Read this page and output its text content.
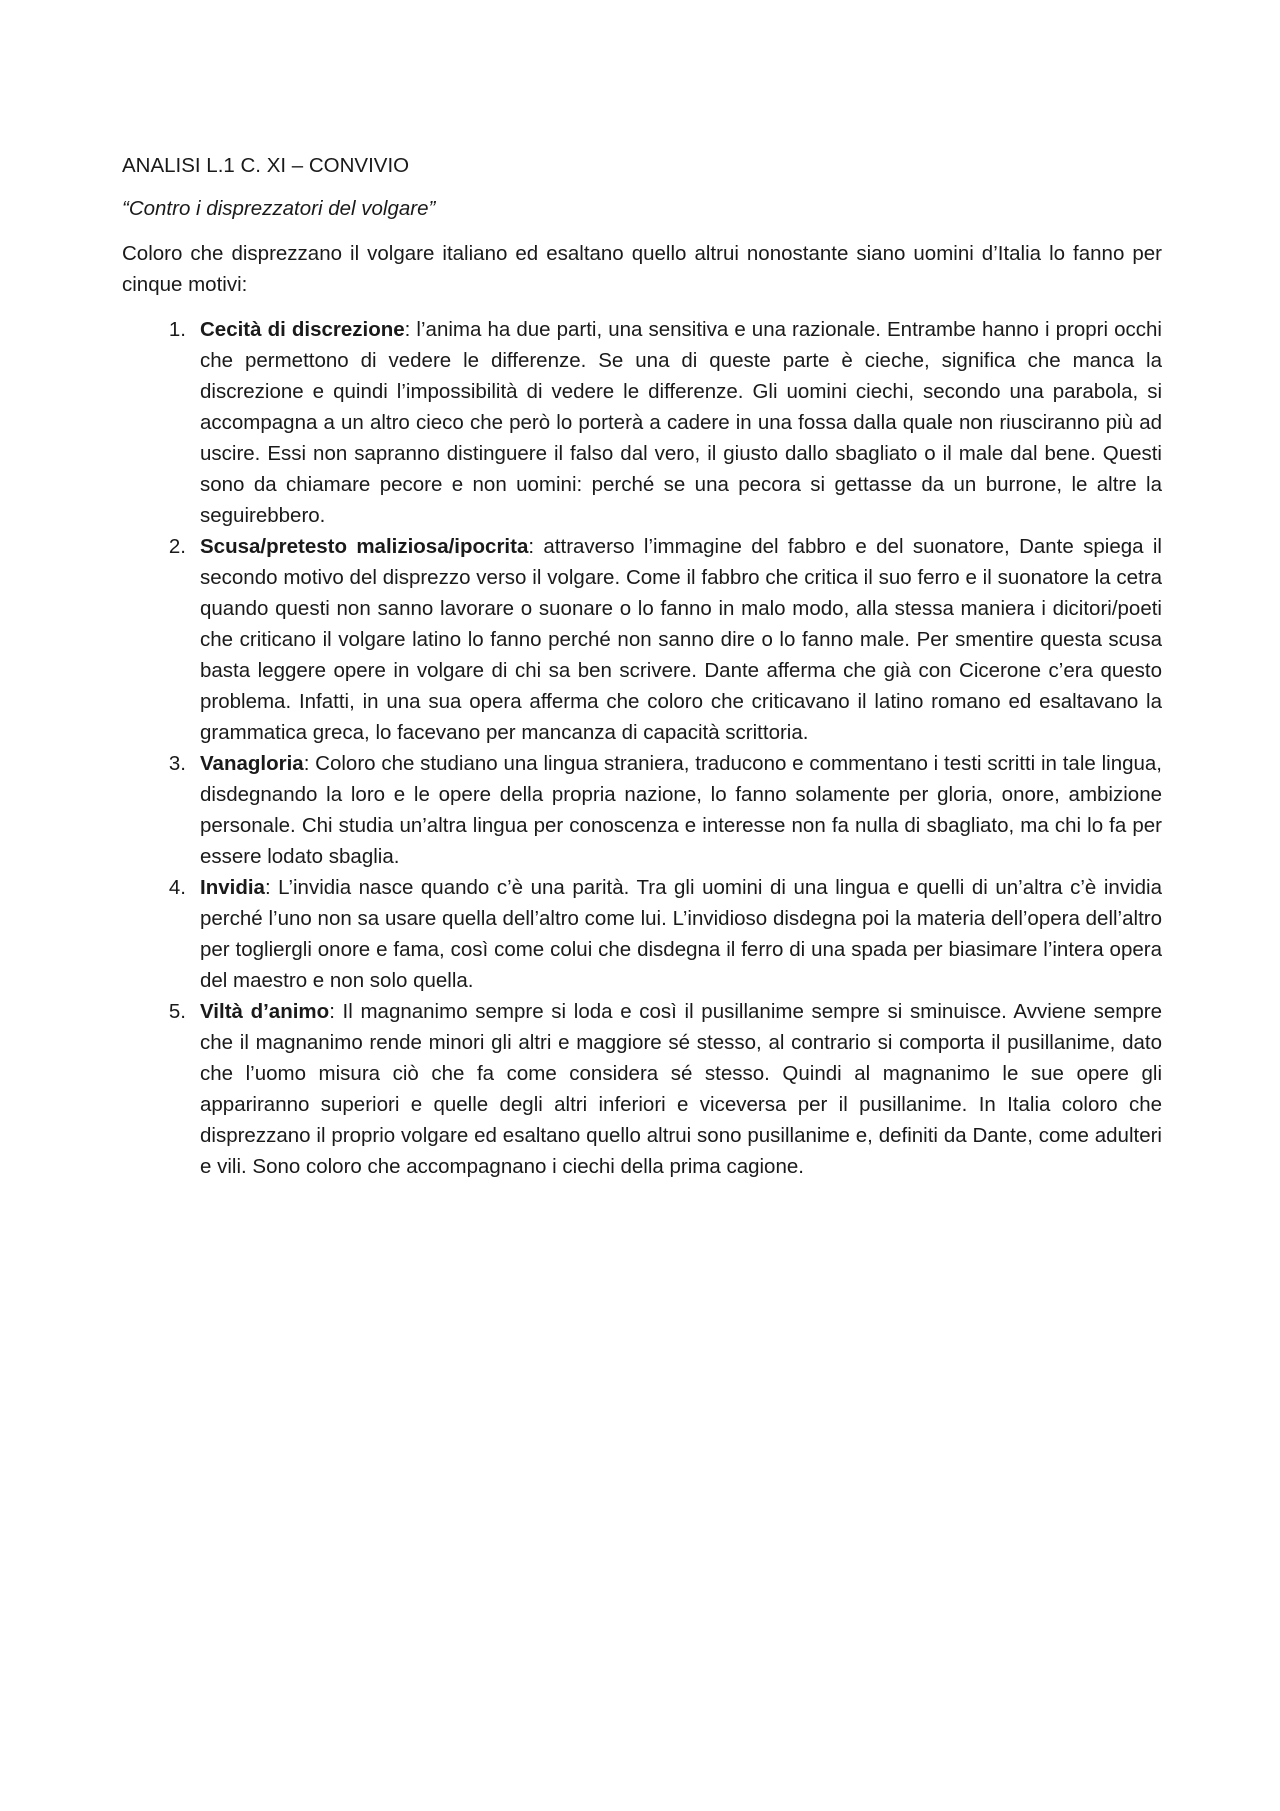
ANALISI L.1 C. XI – CONVIVIO

“Contro i disprezzatori del volgare”

Coloro che disprezzano il volgare italiano ed esaltano quello altrui nonostante siano uomini d’Italia lo fanno per cinque motivi:

1. Cecità di discrezione: l’anima ha due parti, una sensitiva e una razionale. Entrambe hanno i propri occhi che permettono di vedere le differenze. Se una di queste parte è cieche, significa che manca la discrezione e quindi l’impossibilità di vedere le differenze. Gli uomini ciechi, secondo una parabola, si accompagna a un altro cieco che però lo porterà a cadere in una fossa dalla quale non riusciranno più ad uscire. Essi non sapranno distinguere il falso dal vero, il giusto dallo sbagliato o il male dal bene. Questi sono da chiamare pecore e non uomini: perché se una pecora si gettasse da un burrone, le altre la seguirebbero.
2. Scusa/pretesto maliziosa/ipocrita: attraverso l’immagine del fabbro e del suonatore, Dante spiega il secondo motivo del disprezzo verso il volgare. Come il fabbro che critica il suo ferro e il suonatore la cetra quando questi non sanno lavorare o suonare o lo fanno in malo modo, alla stessa maniera i dicitori/poeti che criticano il volgare latino lo fanno perché non sanno dire o lo fanno male. Per smentire questa scusa basta leggere opere in volgare di chi sa ben scrivere. Dante afferma che già con Cicerone c’era questo problema. Infatti, in una sua opera afferma che coloro che criticavano il latino romano ed esaltavano la grammatica greca, lo facevano per mancanza di capacità scrittoria.
3. Vanagloria: Coloro che studiano una lingua straniera, traducono e commentano i testi scritti in tale lingua, disdegnando la loro e le opere della propria nazione, lo fanno solamente per gloria, onore, ambizione personale. Chi studia un’altra lingua per conoscenza e interesse non fa nulla di sbagliato, ma chi lo fa per essere lodato sbaglia.
4. Invidia: L’invidia nasce quando c’è una parità. Tra gli uomini di una lingua e quelli di un’altra c’è invidia perché l’uno non sa usare quella dell’altro come lui. L’invidioso disdegna poi la materia dell’opera dell’altro per togliergli onore e fama, così come colui che disdegna il ferro di una spada per biasimare l’intera opera del maestro e non solo quella.
5. Viltà d’animo: Il magnanimo sempre si loda e così il pusillanime sempre si sminuisce. Avviene sempre che il magnanimo rende minori gli altri e maggiore sé stesso, al contrario si comporta il pusillanime, dato che l’uomo misura ciò che fa come considera sé stesso. Quindi al magnanimo le sue opere gli appariranno superiori e quelle degli altri inferiori e viceversa per il pusillanime. In Italia coloro che disprezzano il proprio volgare ed esaltano quello altrui sono pusillanime e, definiti da Dante, come adulteri e vili. Sono coloro che accompagnano i ciechi della prima cagione.
